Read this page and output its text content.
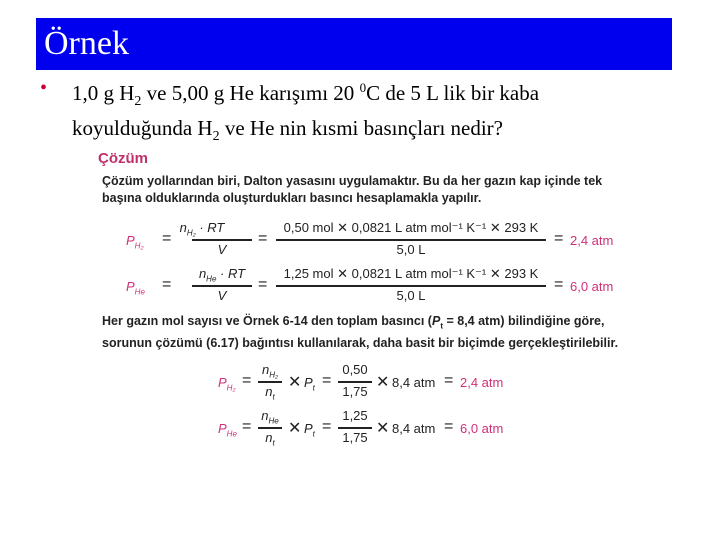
Örnek
• 1,0 g $H_2$ ve 5,00 g He karışımı 20 $^0$C de 5 L lik bir kaba
koyulduğunda $H_2$ ve He nin kısmi basınçları nedir?
Çözüm
Çözüm yollarından biri, Dalton yasasını uygulamaktır. Bu da her gazın kap içinde tek başına olduklarında oluşturdukları basıncı hesaplamakla yapılır.
$P_{H_2}$ =
$n_{H_2}$ · RT
V
=
0,50 mol ✕ 0,0821 L atm mol⁻¹ K⁻¹ ✕ 293 K
5,0 L
= 2,4 atm
$P_{He}$ =
$n_{He}$ · RT
V
=
1,25 mol ✕ 0,0821 L atm mol⁻¹ K⁻¹ ✕ 293 K
5,0 L
= 6,0 atm
Her gazın mol sayısı ve Örnek 6-14 den toplam basıncı ($P_t = 8,4$ atm) bilindiğine göre, sorunun çözümü (6.17) bağıntısı kullanılarak, daha basit bir biçimde gerçekleştirilebilir.
$P_{H_2}$ =
$n_{H_2}$
$n_t$
✕ $P_t$ =
0,50
1,75
✕ 8,4 atm = 2,4 atm
$P_{He}$ =
$n_{He}$
$n_t$
✕ $P_t$ =
1,25
1,75
✕ 8,4 atm = 6,0 atm
